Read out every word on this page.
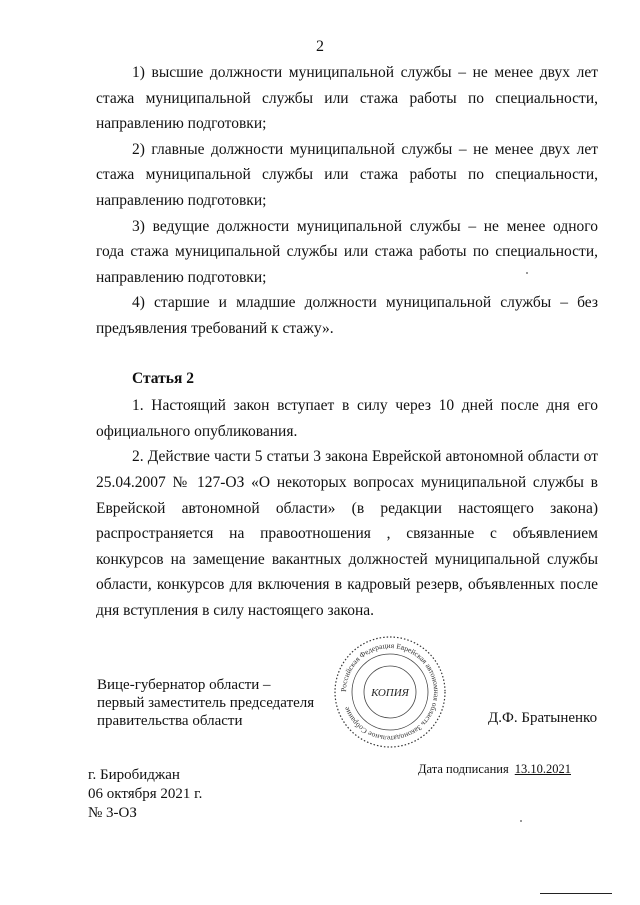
2

1) высшие должности муниципальной службы – не менее двух лет стажа муниципальной службы или стажа работы по специальности, направлению подготовки;

2) главные должности муниципальной службы – не менее двух лет стажа муниципальной службы или стажа работы по специальности, направлению подготовки;

3) ведущие должности муниципальной службы – не менее одного года стажа муниципальной службы или стажа работы по специальности, направлению подготовки;

4) старшие и младшие должности муниципальной службы – без предъявления требований к стажу».

Статья 2

1. Настоящий закон вступает в силу через 10 дней после дня его официального опубликования.

2. Действие части 5 статьи 3 закона Еврейской автономной области от 25.04.2007 № 127-ОЗ «О некоторых вопросах муниципальной службы в Еврейской автономной области» (в редакции настоящего закона) распространяется на правоотношения , связанные с объявлением конкурсов на замещение вакантных должностей муниципальной службы области, конкурсов для включения в кадровый резерв, объявленных после дня вступления в силу настоящего закона.

Вице-губернатор области –
первый заместитель председателя
правительства области
Российская Федерация Еврейская автономная область Законодательное Собрание
КОПИЯ
Д.Ф. Братыненко
г. Биробиджан
06 октября 2021 г.
№ 3-ОЗ
Дата подписания 13.10.2021
